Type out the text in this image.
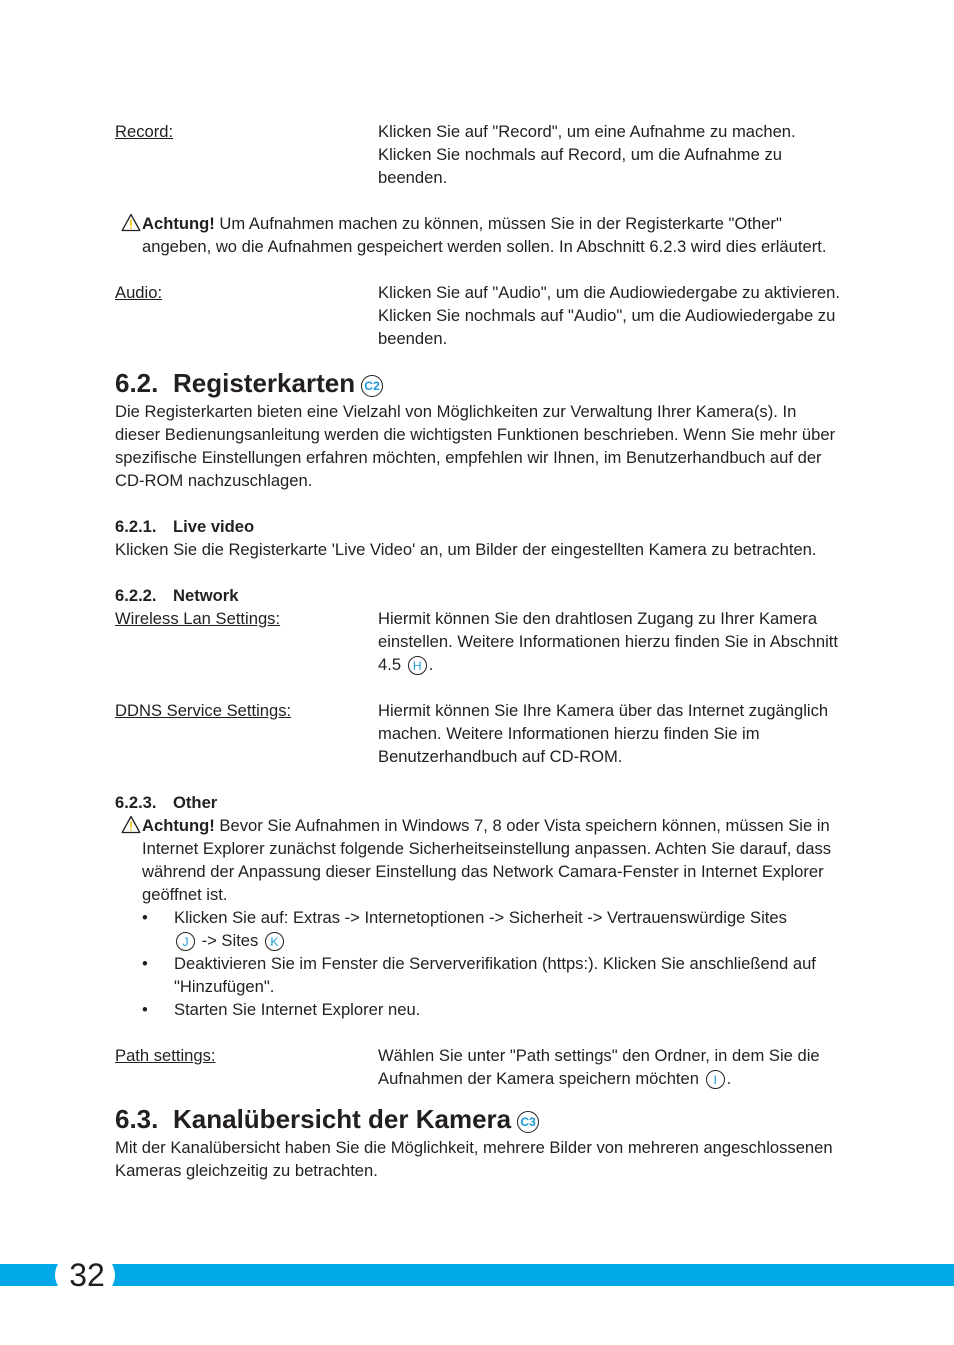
Record:	Klicken Sie auf "Record", um eine Aufnahme zu machen. Klicken Sie nochmals auf Record, um die Aufnahme zu beenden.
Achtung! Um Aufnahmen machen zu können, müssen Sie in der Registerkarte "Other" angeben, wo die Aufnahmen gespeichert werden sollen. In Abschnitt 6.2.3 wird dies erläutert.
Audio:	Klicken Sie auf "Audio", um die Audiowiedergabe zu aktivieren. Klicken Sie nochmals auf "Audio", um die Audiowiedergabe zu beenden.
6.2. Registerkarten C2

Die Registerkarten bieten eine Vielzahl von Möglichkeiten zur Verwaltung Ihrer Kamera(s). In dieser Bedienungsanleitung werden die wichtigsten Funktionen beschrieben. Wenn Sie mehr über spezifische Einstellungen erfahren möchten, empfehlen wir Ihnen, im Benutzerhandbuch auf der CD-ROM nachzuschlagen.

6.2.1. Live video

Klicken Sie die Registerkarte 'Live Video' an, um Bilder der eingestellten Kamera zu betrachten.

6.2.2. Network
Wireless Lan Settings:	Hiermit können Sie den drahtlosen Zugang zu Ihrer Kamera einstellen. Weitere Informationen hierzu finden Sie in Abschnitt 4.5 H .
DDNS Service Settings:	Hiermit können Sie Ihre Kamera über das Internet zugänglich machen. Weitere Informationen hierzu finden Sie im Benutzerhandbuch auf CD-ROM.
6.2.3. Other
Achtung! Bevor Sie Aufnahmen in Windows 7, 8 oder Vista speichern können, müssen Sie in Internet Explorer zunächst folgende Sicherheitseinstellung anpassen. Achten Sie darauf, dass während der Anpassung dieser Einstellung das Network Camara-Fenster in Internet Explorer geöffnet ist.
• Klicken Sie auf: Extras -> Internetoptionen -> Sicherheit -> Vertrauenswürdige Sites
J -> Sites K
• Deaktivieren Sie im Fenster die Serververifikation (https:). Klicken Sie anschließend auf "Hinzufügen".
• Starten Sie Internet Explorer neu.
Path settings:	Wählen Sie unter "Path settings" den Ordner, in dem Sie die Aufnahmen der Kamera speichern möchten I .
6.3. Kanalübersicht der Kamera C3

Mit der Kanalübersicht haben Sie die Möglichkeit, mehrere Bilder von mehreren angeschlossenen Kameras gleichzeitig zu betrachten.

32
